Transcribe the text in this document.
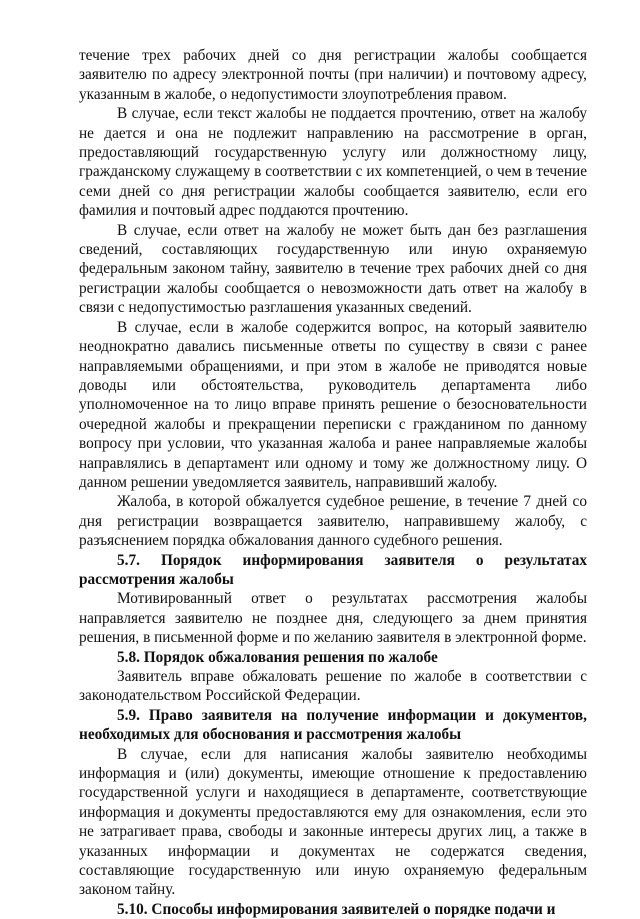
течение трех рабочих дней со дня регистрации жалобы сообщается заявителю по адресу электронной почты (при наличии) и почтовому адресу, указанным в жалобе, о недопустимости злоупотребления правом.

В случае, если текст жалобы не поддается прочтению, ответ на жалобу не дается и она не подлежит направлению на рассмотрение в орган, предоставляющий государственную услугу или должностному лицу, гражданскому служащему в соответствии с их компетенцией, о чем в течение семи дней со дня регистрации жалобы сообщается заявителю, если его фамилия и почтовый адрес поддаются прочтению.

В случае, если ответ на жалобу не может быть дан без разглашения сведений, составляющих государственную или иную охраняемую федеральным законом тайну, заявителю в течение трех рабочих дней со дня регистрации жалобы сообщается о невозможности дать ответ на жалобу в связи с недопустимостью разглашения указанных сведений.

В случае, если в жалобе содержится вопрос, на который заявителю неоднократно давались письменные ответы по существу в связи с ранее направляемыми обращениями, и при этом в жалобе не приводятся новые доводы или обстоятельства, руководитель департамента либо уполномоченное на то лицо вправе принять решение о безосновательности очередной жалобы и прекращении переписки с гражданином по данному вопросу при условии, что указанная жалоба и ранее направляемые жалобы направлялись в департамент или одному и тому же должностному лицу. О данном решении уведомляется заявитель, направивший жалобу.

Жалоба, в которой обжалуется судебное решение, в течение 7 дней со дня регистрации возвращается заявителю, направившему жалобу, с разъяснением порядка обжалования данного судебного решения.

5.7. Порядок информирования заявителя о результатах рассмотрения жалобы

Мотивированный ответ о результатах рассмотрения жалобы направляется заявителю не позднее дня, следующего за днем принятия решения, в письменной форме и по желанию заявителя в электронной форме.

5.8. Порядок обжалования решения по жалобе

Заявитель вправе обжаловать решение по жалобе в соответствии с законодательством Российской Федерации.

5.9. Право заявителя на получение информации и документов, необходимых для обоснования и рассмотрения жалобы

В случае, если для написания жалобы заявителю необходимы информация и (или) документы, имеющие отношение к предоставлению государственной услуги и находящиеся в департаменте, соответствующие информация и документы предоставляются ему для ознакомления, если это не затрагивает права, свободы и законные интересы других лиц, а также в указанных информации и документах не содержатся сведения, составляющие государственную или иную охраняемую федеральным законом тайну.

5.10. Способы информирования заявителей о порядке подачи и
